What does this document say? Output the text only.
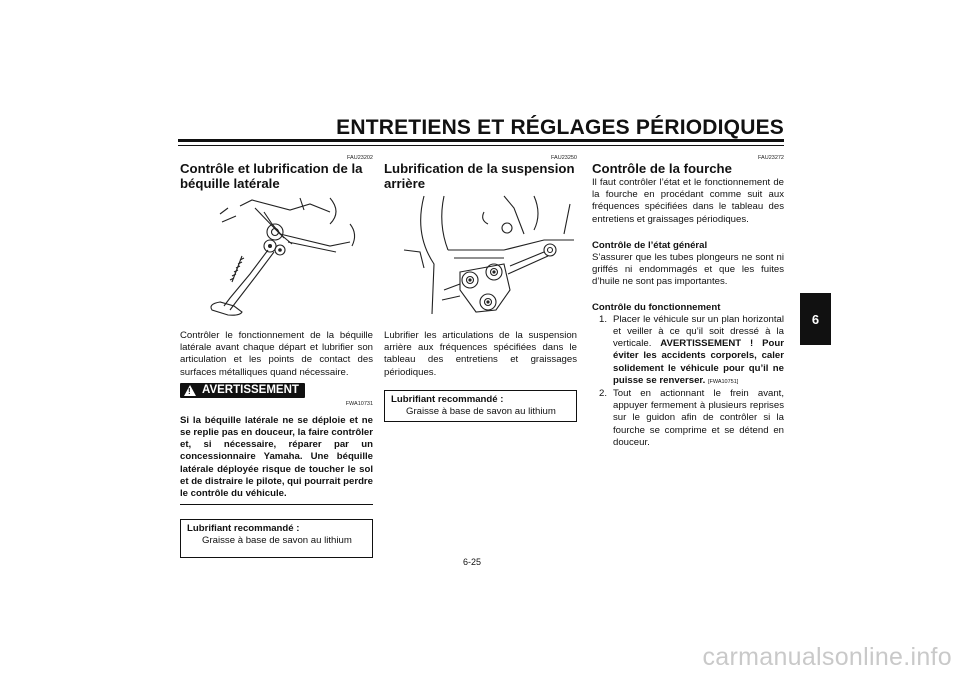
ENTRETIENS ET RÉGLAGES PÉRIODIQUES
FAU23202
Contrôle et lubrification de la béquille latérale
Contrôler le fonctionnement de la béquille latérale avant chaque départ et lubrifier son articulation et les points de contact des surfaces métalliques quand nécessaire.
! AVERTISSEMENT
FWA10731
Si la béquille latérale ne se déploie et ne se replie pas en douceur, la faire contrôler et, si nécessaire, réparer par un concessionnaire Yamaha. Une béquille latérale déployée risque de toucher le sol et de distraire le pilote, qui pourrait perdre le contrôle du véhicule.
Lubrifiant recommandé :
Graisse à base de savon au lithium
FAU23250
Lubrification de la suspension arrière
Lubrifier les articulations de la suspension arrière aux fréquences spécifiées dans le tableau des entretiens et graissages périodiques.
Lubrifiant recommandé :
Graisse à base de savon au lithium
FAU23272
Contrôle de la fourche
Il faut contrôler l’état et le fonctionnement de la fourche en procédant comme suit aux fréquences spécifiées dans le tableau des entretiens et graissages périodiques.
Contrôle de l’état général
S’assurer que les tubes plongeurs ne sont ni griffés ni endommagés et que les fuites d’huile ne sont pas importantes.
Contrôle du fonctionnement
1. Placer le véhicule sur un plan horizontal et veiller à ce qu’il soit dressé à la verticale. AVERTISSEMENT ! Pour éviter les accidents corporels, caler solidement le véhicule pour qu’il ne puisse se renverser. [FWA10751]
2. Tout en actionnant le frein avant, appuyer fermement à plusieurs reprises sur le guidon afin de contrôler si la fourche se comprime et se détend en douceur.
6
6-25
carmanualsonline.info
